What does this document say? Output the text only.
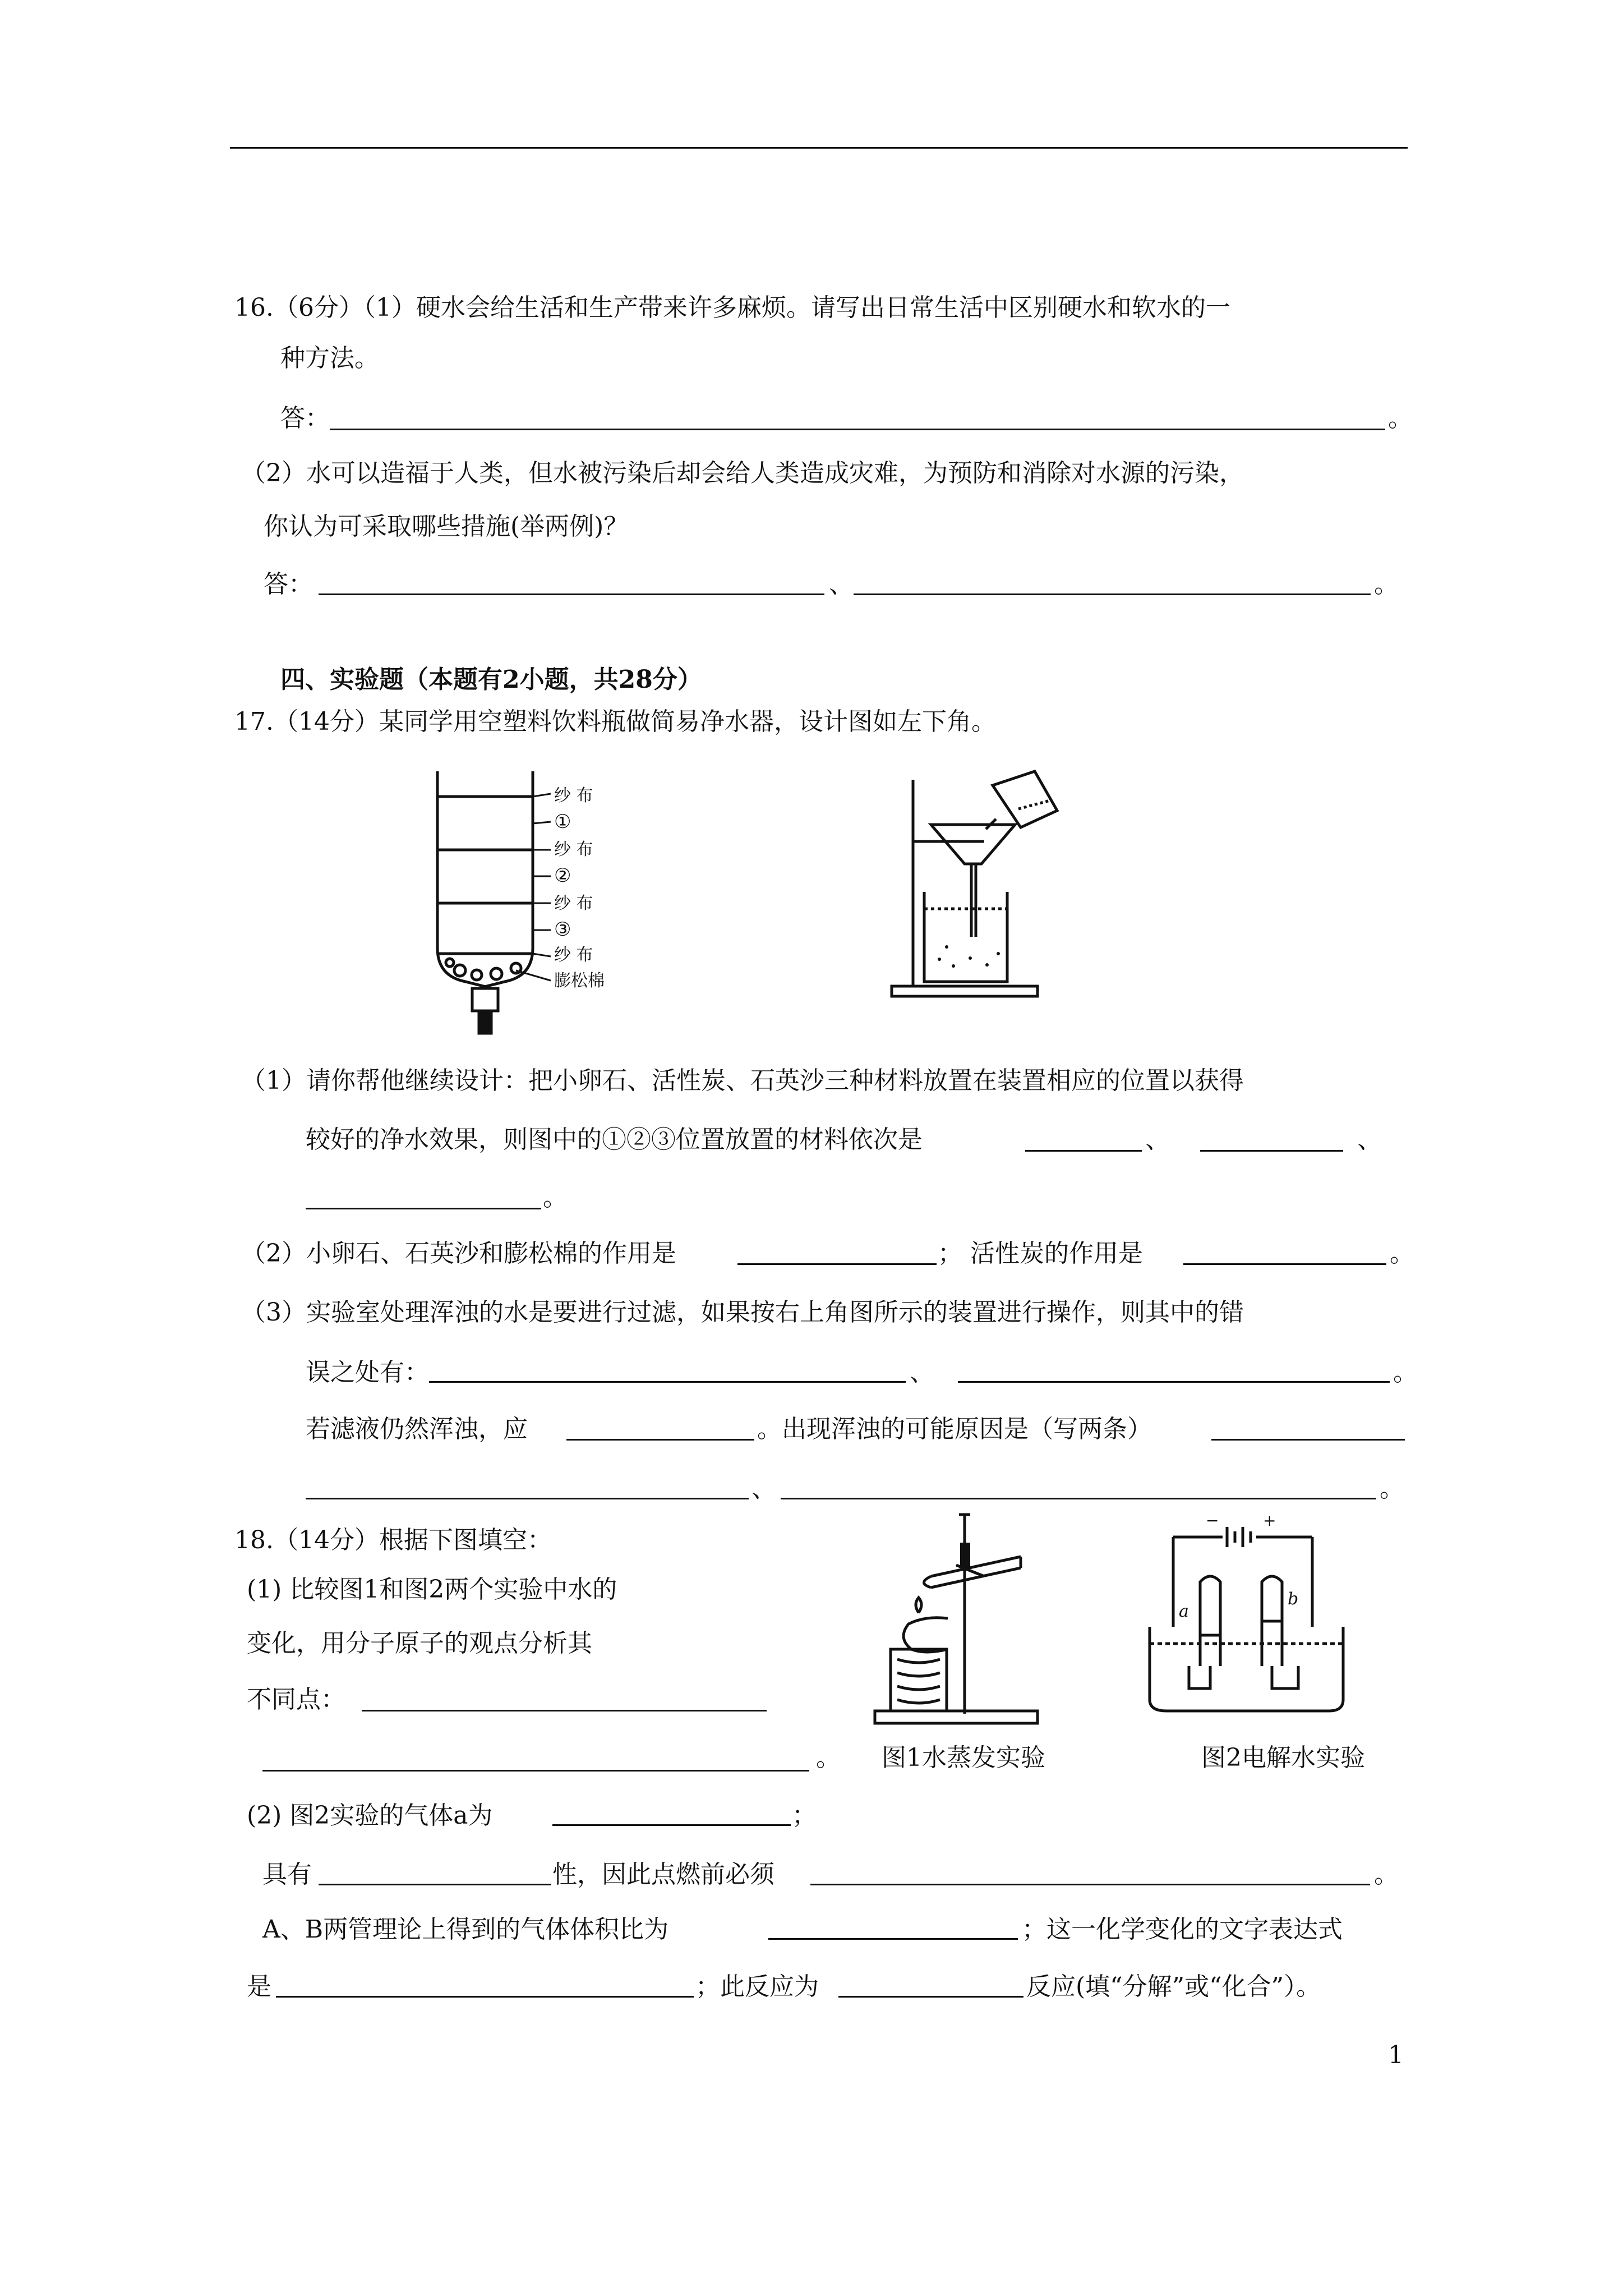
16.（6分）（1）硬水会给生活和生产带来许多麻烦。请写出日常生活中区别硬水和软水的一
种方法。
答：	。
（2）水可以造福于人类，但水被污染后却会给人类造成灾难，为预防和消除对水源的污染，
你认为可采取哪些措施(举两例)？
答：	、	。
四、实验题（本题有2小题，共28分）
17.（14分）某同学用空塑料饮料瓶做简易净水器，设计图如左下角。
纱 布
①
纱 布
②
纱 布
③
纱 布
膨松棉
（1）请你帮他继续设计：把小卵石、活性炭、石英沙三种材料放置在装置相应的位置以获得
较好的净水效果，则图中的①②③位置放置的材料依次是	、	、
。
（2）小卵石、石英沙和膨松棉的作用是	； 活性炭的作用是	。
（3）实验室处理浑浊的水是要进行过滤，如果按右上角图所示的装置进行操作，则其中的错
误之处有：	、	。
若滤液仍然浑浊，应	。出现浑浊的可能原因是（写两条）
、	。
18.（14分）根据下图填空：
(1) 比较图1和图2两个实验中水的
变化，用分子原子的观点分析其
不同点：
。
a
b
−	+
图1水蒸发实验	图2电解水实验
(2) 图2实验的气体a为	；
具有	性，因此点燃前必须	。
A、B两管理论上得到的气体体积比为	；这一化学变化的文字表达式
是	；此反应为	反应(填“分解”或“化合”）。
1
